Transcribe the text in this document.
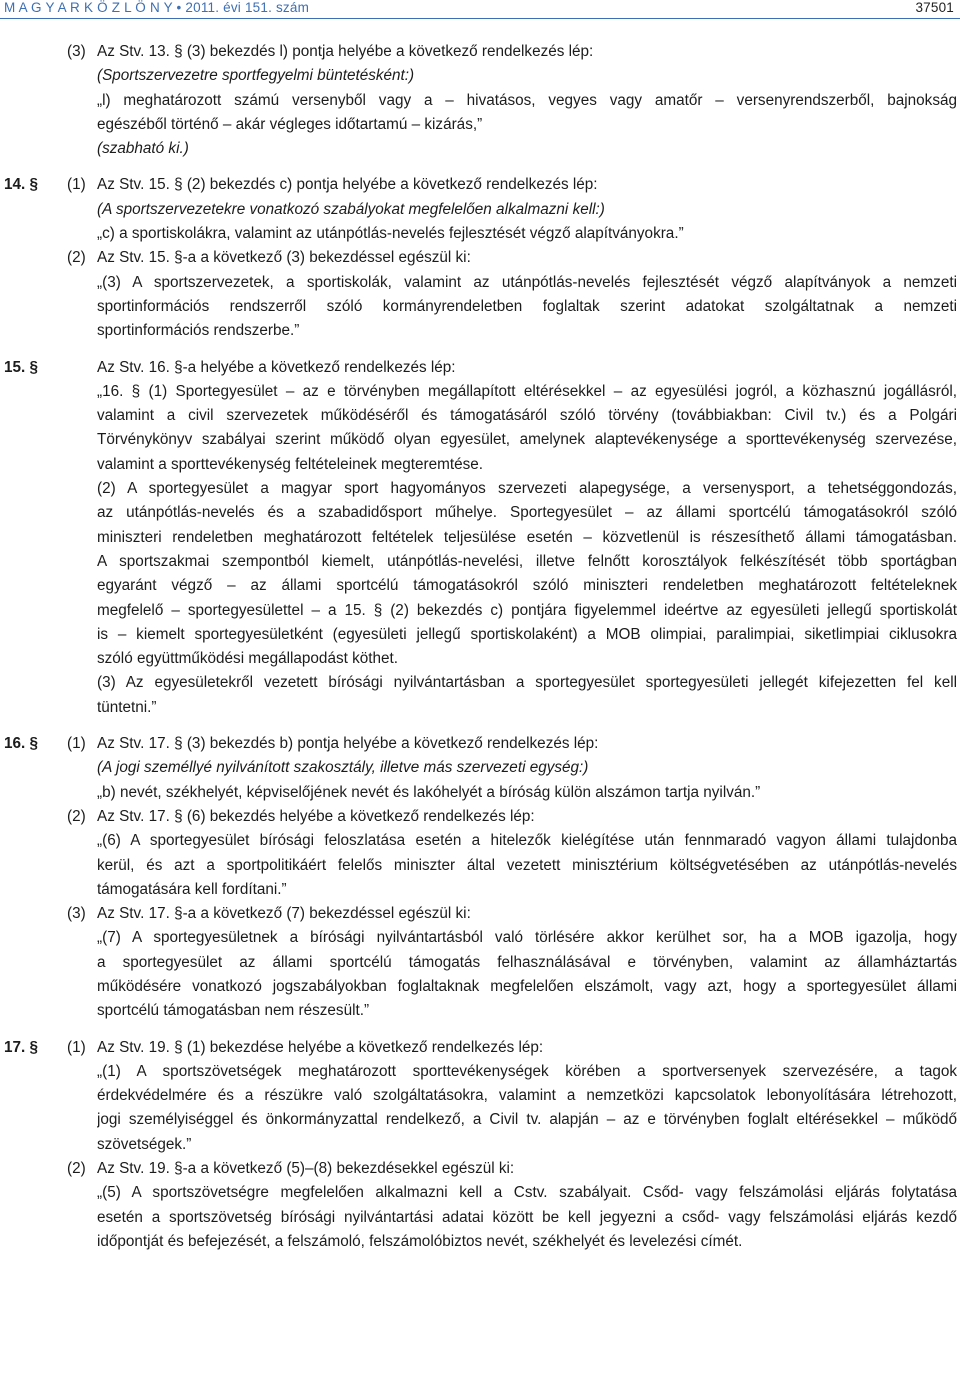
M A G Y A R K Ö Z L Ö N Y • 2011. évi 151. szám	37501
(3) Az Stv. 13. § (3) bekezdés l) pontja helyébe a következő rendelkezés lép:
(Sportszervezetre sportfegyelmi büntetésként:)
„l) meghatározott számú versenyből vagy a – hivatásos, vegyes vagy amatőr – versenyrendszerből, bajnokság
egészéből történő – akár végleges időtartamú – kizárás,”
(szabható ki.)
14. § (1) Az Stv. 15. § (2) bekezdés c) pontja helyébe a következő rendelkezés lép:
(A sportszervezetekre vonatkozó szabályokat megfelelően alkalmazni kell:)
„c) a sportiskolákra, valamint az utánpótlás-nevelés fejlesztését végző alapítványokra.”
(2) Az Stv. 15. §-a a következő (3) bekezdéssel egészül ki:
„(3) A sportszervezetek, a sportiskolák, valamint az utánpótlás-nevelés fejlesztését végző alapítványok a nemzeti
sportinformációs rendszerről szóló kormányrendeletben foglaltak szerint adatokat szolgáltatnak a nemzeti
sportinformációs rendszerbe.”
15. §	Az Stv. 16. §-a helyébe a következő rendelkezés lép:
„16. § (1) Sportegyesület – az e törvényben megállapított eltérésekkel – az egyesülési jogról, a közhasznú jogállásról,
valamint a civil szervezetek működéséről és támogatásáról szóló törvény (továbbiakban: Civil tv.) és a Polgári
Törvénykönyv szabályai szerint működő olyan egyesület, amelynek alaptevékenysége a sporttevékenység szervezése,
valamint a sporttevékenység feltételeinek megteremtése.
(2) A sportegyesület a magyar sport hagyományos szervezeti alapegysége, a versenysport, a tehetséggondozás,
az utánpótlás-nevelés és a szabadidősport műhelye. Sportegyesület – az állami sportcélú támogatásokról szóló
miniszteri rendeletben meghatározott feltételek teljesülése esetén – közvetlenül is részesíthető állami támogatásban.
A sportszakmai szempontból kiemelt, utánpótlás-nevelési, illetve felnőtt korosztályok felkészítését több sportágban
egyaránt végző – az állami sportcélú támogatásokról szóló miniszteri rendeletben meghatározott feltételeknek
megfelelő – sportegyesülettel – a 15. § (2) bekezdés c) pontjára figyelemmel ideértve az egyesületi jellegű sportiskolát
is – kiemelt sportegyesületként (egyesületi jellegű sportiskolaként) a MOB olimpiai, paralimpiai, siketlimpiai ciklusokra
szóló együttműködési megállapodást köthet.
(3) Az egyesületekről vezetett bírósági nyilvántartásban a sportegyesület sportegyesületi jellegét kifejezetten fel kell
tüntetni.”
16. § (1) Az Stv. 17. § (3) bekezdés b) pontja helyébe a következő rendelkezés lép:
(A jogi személlyé nyilvánított szakosztály, illetve más szervezeti egység:)
„b) nevét, székhelyét, képviselőjének nevét és lakóhelyét a bíróság külön alszámon tartja nyilván.”
(2) Az Stv. 17. § (6) bekezdés helyébe a következő rendelkezés lép:
„(6) A sportegyesület bírósági feloszlatása esetén a hitelezők kielégítése után fennmaradó vagyon állami tulajdonba
kerül, és azt a sportpolitikáért felelős miniszter által vezetett minisztérium költségvetésében az utánpótlás-nevelés
támogatására kell fordítani.”
(3) Az Stv. 17. §-a a következő (7) bekezdéssel egészül ki:
„(7) A sportegyesületnek a bírósági nyilvántartásból való törlésére akkor kerülhet sor, ha a MOB igazolja, hogy
a sportegyesület az állami sportcélú támogatás felhasználásával e törvényben, valamint az államháztartás
működésére vonatkozó jogszabályokban foglaltaknak megfelelően elszámolt, vagy azt, hogy a sportegyesület állami
sportcélú támogatásban nem részesült.”
17. § (1) Az Stv. 19. § (1) bekezdése helyébe a következő rendelkezés lép:
„(1) A sportszövetségek meghatározott sporttevékenységek körében a sportversenyek szervezésére, a tagok
érdekvédelmére és a részükre való szolgáltatásokra, valamint a nemzetközi kapcsolatok lebonyolítására létrehozott,
jogi személyiséggel és önkormányzattal rendelkező, a Civil tv. alapján – az e törvényben foglalt eltérésekkel – működő
szövetségek.”
(2) Az Stv. 19. §-a a következő (5)–(8) bekezdésekkel egészül ki:
„(5) A sportszövetségre megfelelően alkalmazni kell a Cstv. szabályait. Csőd- vagy felszámolási eljárás folytatása
esetén a sportszövetség bírósági nyilvántartási adatai között be kell jegyezni a csőd- vagy felszámolási eljárás kezdő
időpontját és befejezését, a felszámoló, felszámolóbiztos nevét, székhelyét és levelezési címét.
